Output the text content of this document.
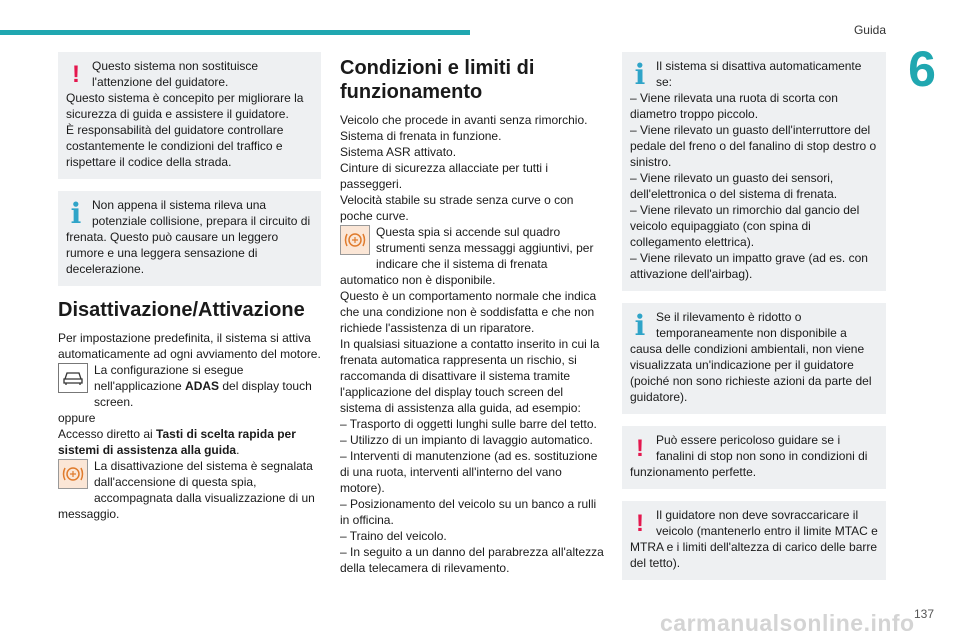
Guida
6
!	Questo sistema non sostituisce l'attenzione del guidatore.

Questo sistema è concepito per migliorare la sicurezza di guida e assistere il guidatore.

È responsabilità del guidatore controllare costantemente le condizioni del traffico e rispettare il codice della strada.

i Non appena il sistema rileva una potenziale collisione, prepara il circuito di frenata. Questo può causare un leggero rumore e una leggera sensazione di decelerazione.

Disattivazione/Attivazione

Per impostazione predefinita, il sistema si attiva automaticamente ad ogni avviamento del motore.

La configurazione si esegue nell'applicazione ADAS del display touch screen.

oppure

Accesso diretto ai Tasti di scelta rapida per sistemi di assistenza alla guida.

La disattivazione del sistema è segnalata dall'accensione di questa spia, accompagnata dalla visualizzazione di un messaggio.

Condizioni e limiti di funzionamento

Veicolo che procede in avanti senza rimorchio.

Sistema di frenata in funzione.

Sistema ASR attivato.

Cinture di sicurezza allacciate per tutti i passeggeri.

Velocità stabile su strade senza curve o con poche curve.

Questa spia si accende sul quadro strumenti senza messaggi aggiuntivi, per indicare che il sistema di frenata automatico non è disponibile.

Questo è un comportamento normale che indica che una condizione non è soddisfatta e che non richiede l'assistenza di un riparatore.

In qualsiasi situazione a contatto inserito in cui la frenata automatica rappresenta un rischio, si raccomanda di disattivare il sistema tramite l'applicazione del display touch screen del sistema di assistenza alla guida, ad esempio:

– Trasporto di oggetti lunghi sulle barre del tetto.

– Utilizzo di un impianto di lavaggio automatico.

– Interventi di manutenzione (ad es. sostituzione di una ruota, interventi all'interno del vano motore).

– Posizionamento del veicolo su un banco a rulli in officina.

– Traino del veicolo.

– In seguito a un danno del parabrezza all'altezza della telecamera di rilevamento.

i Il sistema si disattiva automaticamente se:

– Viene rilevata una ruota di scorta con diametro troppo piccolo.

– Viene rilevato un guasto dell'interruttore del pedale del freno o del fanalino di stop destro o sinistro.

– Viene rilevato un guasto dei sensori, dell'elettronica o del sistema di frenata.

– Viene rilevato un rimorchio dal gancio del veicolo equipaggiato (con spina di collegamento elettrica).

– Viene rilevato un impatto grave (ad es. con attivazione dell'airbag).

i Se il rilevamento è ridotto o temporaneamente non disponibile a causa delle condizioni ambientali, non viene visualizzata un'indicazione per il guidatore (poiché non sono richieste azioni da parte del guidatore).

!	Può essere pericoloso guidare se i fanalini di stop non sono in condizioni di funzionamento perfette.

!	Il guidatore non deve sovraccaricare il veicolo (mantenerlo entro il limite MTAC e MTRA e i limiti dell'altezza di carico delle barre del tetto).

137
carmanualsonline.info
